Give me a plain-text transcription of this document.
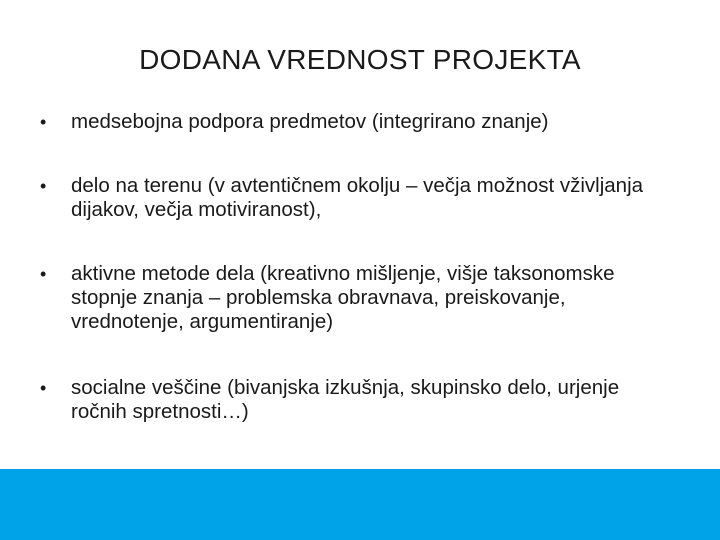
DODANA VREDNOST PROJEKTA
•	medsebojna podpora predmetov (integrirano znanje)
•	delo na terenu (v avtentičnem okolju – večja možnost vživljanja dijakov, večja motiviranost),
•	aktivne metode dela (kreativno mišljenje, višje taksonomske stopnje znanja – problemska obravnava, preiskovanje, vrednotenje, argumentiranje)
•	socialne veščine (bivanjska izkušnja, skupinsko delo, urjenje ročnih spretnosti…)
